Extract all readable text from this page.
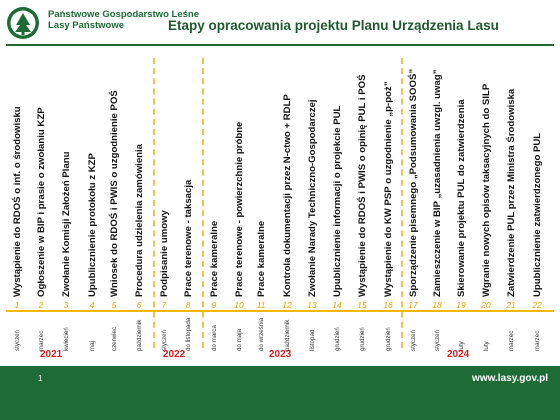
Państwowe Gospodarstwo Leśne
Lasy Państwowe	Etapy opracowania projektu Planu Urządzenia Lasu
Wystąpienie do RDOŚ o inf. o środowisku
1
styczeń
Ogłoszenie w BIP i prasie o zwołaniu KZP
2
marzec
Zwołanie Komisji Założeń Planu
3
kwiecień
Upublicznienie protokołu z KZP
4
maj
Wniosek do RDOŚ i PWIS o uzgodnienie POŚ
5
czerwiec
Procedura udzielenia zamówienia
6
październik
Podpisanie umowy
7
styczeń
Prace terenowe - taksacja
8
do listopada
Prace kameralne
9
do marca
Prace terenowe - powierzchnie próbne
10
do maja
Prace kameralne
11
do września
Kontrola dokumentacji przez N-ctwo + RDLP
12
październik
Zwołanie Narady Techniczno-Gospodarczej
13
listopad
Upublicznienie informacji o projekcie PUL
14
grudzień
Wystąpienie do RDOŚ i PWIS o opinię PUL i POŚ
15
grudzień
Wystąpienie do KW PSP o uzgodnienie „p-poż”
16
grudzień
Sporządzenie pisemnego „Podsumowania SOOŚ”
17
styczeń
Zamieszczenie w BIP „uzasadnienia uwzgl. uwag”
18
styczeń
Skierowanie projektu PUL do zatwierdzenia
19
luty
Wgranie nowych opisów taksacyjnych do SILP
20
luty
Zatwierdzenie PUL przez Ministra Środowiska
21
marzec
Upublicznienie zatwierdzonego PUL
22
marzec
2021	2022	2023	2024
1	www.lasy.gov.pl
